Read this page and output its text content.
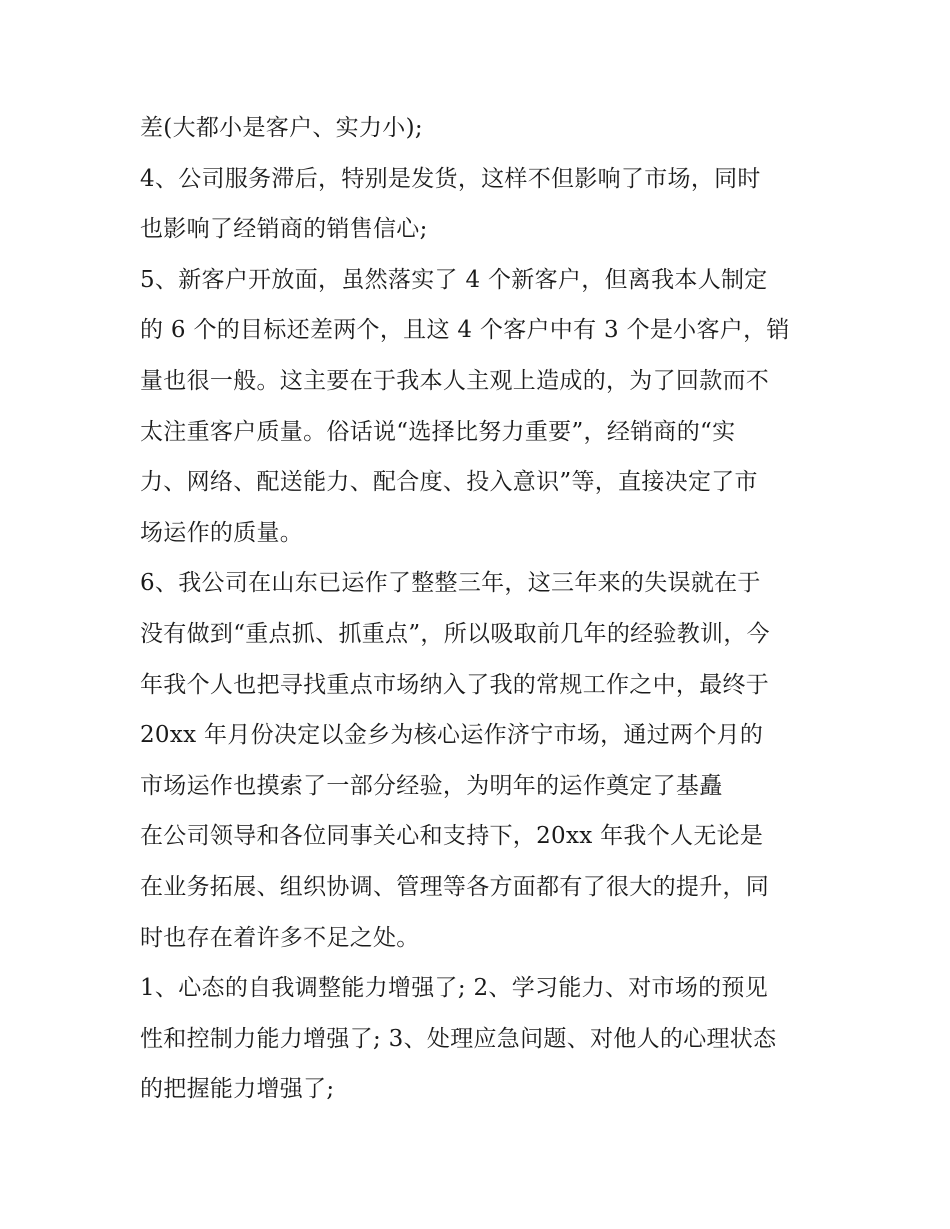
差(大都小是客户、实力小);
4、公司服务滞后，特别是发货，这样不但影响了市场，同时
也影响了经销商的销售信心;
5、新客户开放面，虽然落实了 4 个新客户，但离我本人制定
的 6 个的目标还差两个，且这 4 个客户中有 3 个是小客户，销
量也很一般。这主要在于我本人主观上造成的，为了回款而不
太注重客户质量。俗话说“选择比努力重要”，经销商的“实
力、网络、配送能力、配合度、投入意识”等，直接决定了市
场运作的质量。
6、我公司在山东已运作了整整三年，这三年来的失误就在于
没有做到“重点抓、抓重点”，所以吸取前几年的经验教训，今
年我个人也把寻找重点市场纳入了我的常规工作之中，最终于
20xx 年月份决定以金乡为核心运作济宁市场，通过两个月的
市场运作也摸索了一部分经验，为明年的运作奠定了基矗
在公司领导和各位同事关心和支持下，20xx 年我个人无论是
在业务拓展、组织协调、管理等各方面都有了很大的提升，同
时也存在着许多不足之处。
1、心态的自我调整能力增强了; 2、学习能力、对市场的预见
性和控制力能力增强了; 3、处理应急问题、对他人的心理状态
的把握能力增强了;
